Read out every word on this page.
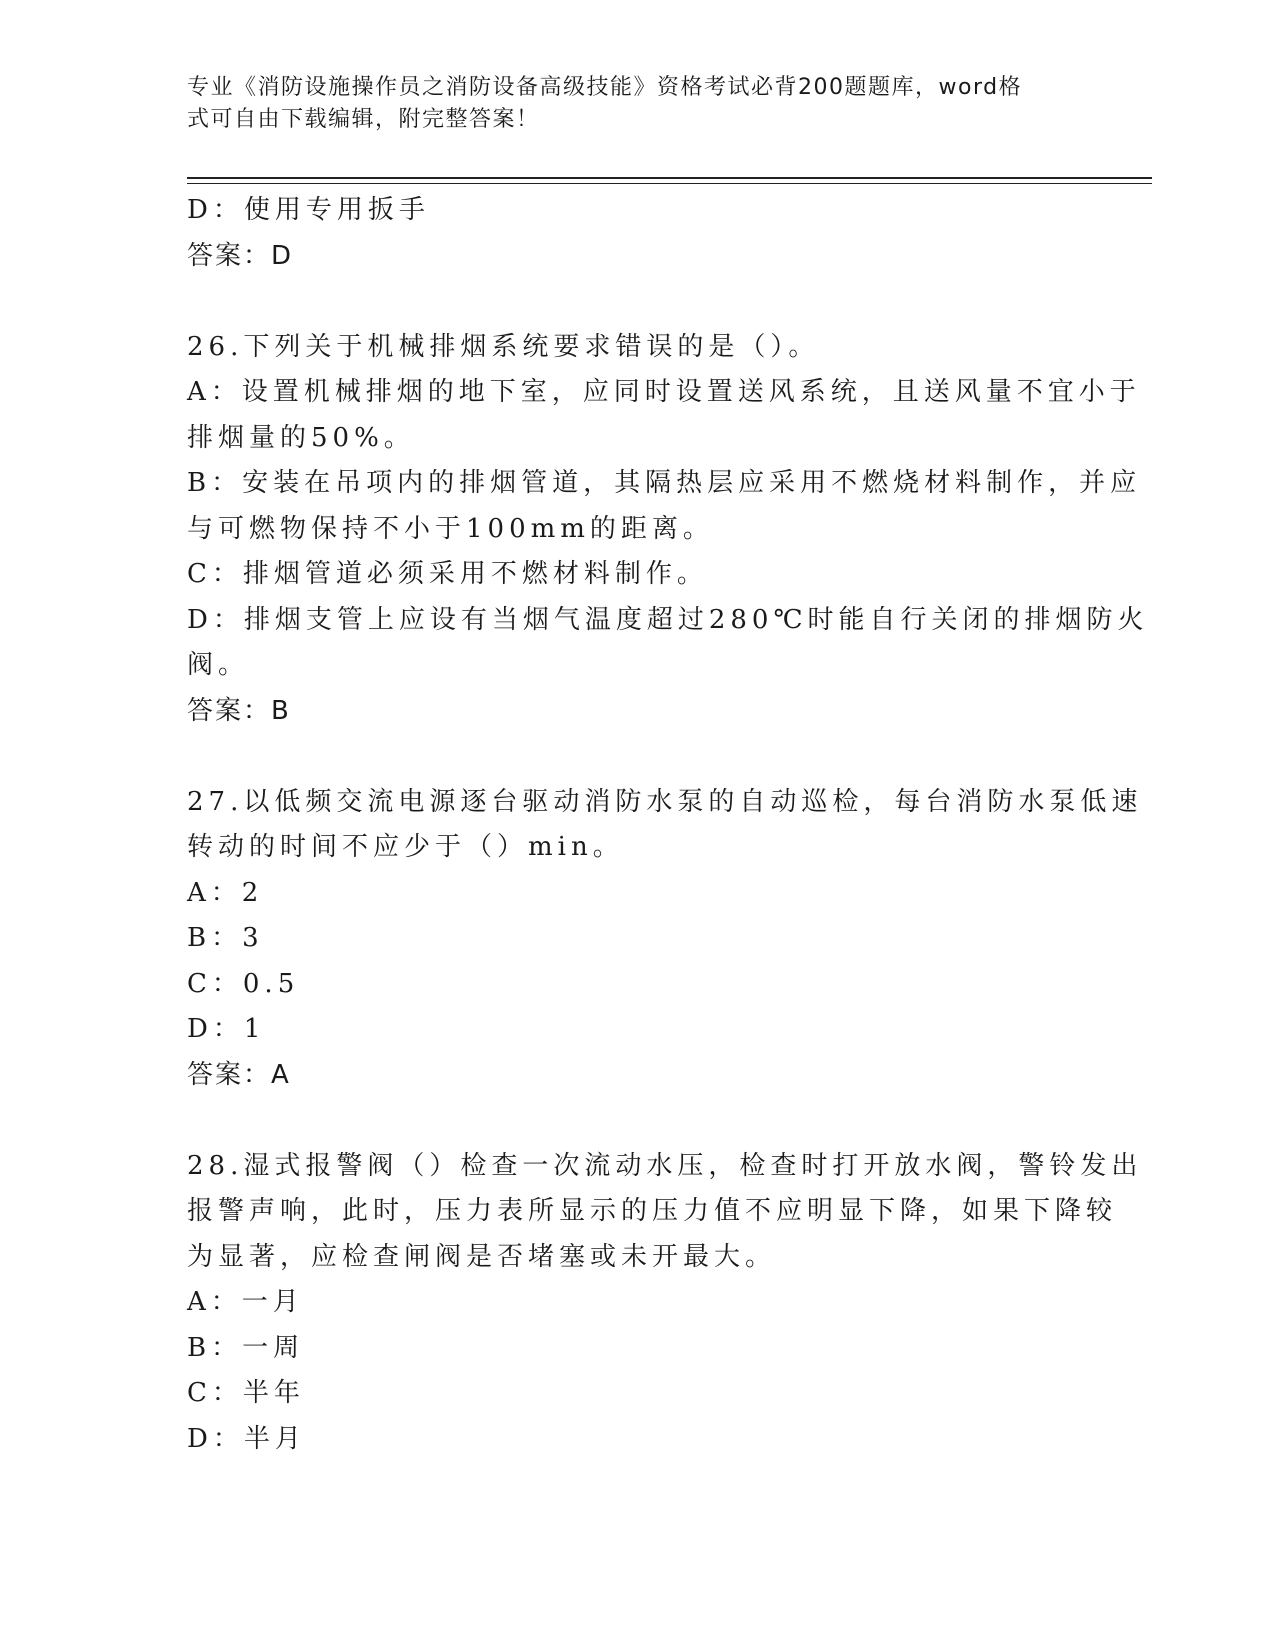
专业《消防设施操作员之消防设备高级技能》资格考试必背200题题库，word格
式可自由下载编辑，附完整答案！
D：使用专用扳手
答案：D
26.下列关于机械排烟系统要求错误的是（）。
A：设置机械排烟的地下室，应同时设置送风系统，且送风量不宜小于
排烟量的50%。
B：安装在吊项内的排烟管道，其隔热层应采用不燃烧材料制作，并应
与可燃物保持不小于100mm的距离。
C：排烟管道必须采用不燃材料制作。
D：排烟支管上应设有当烟气温度超过280℃时能自行关闭的排烟防火
阀。
答案：B
27.以低频交流电源逐台驱动消防水泵的自动巡检，每台消防水泵低速
转动的时间不应少于（）min。
A：2
B：3
C：0.5
D：1
答案：A
28.湿式报警阀（）检查一次流动水压，检查时打开放水阀，警铃发出
报警声响，此时，压力表所显示的压力值不应明显下降，如果下降较
为显著，应检查闸阀是否堵塞或未开最大。
A：一月
B：一周
C：半年
D：半月
